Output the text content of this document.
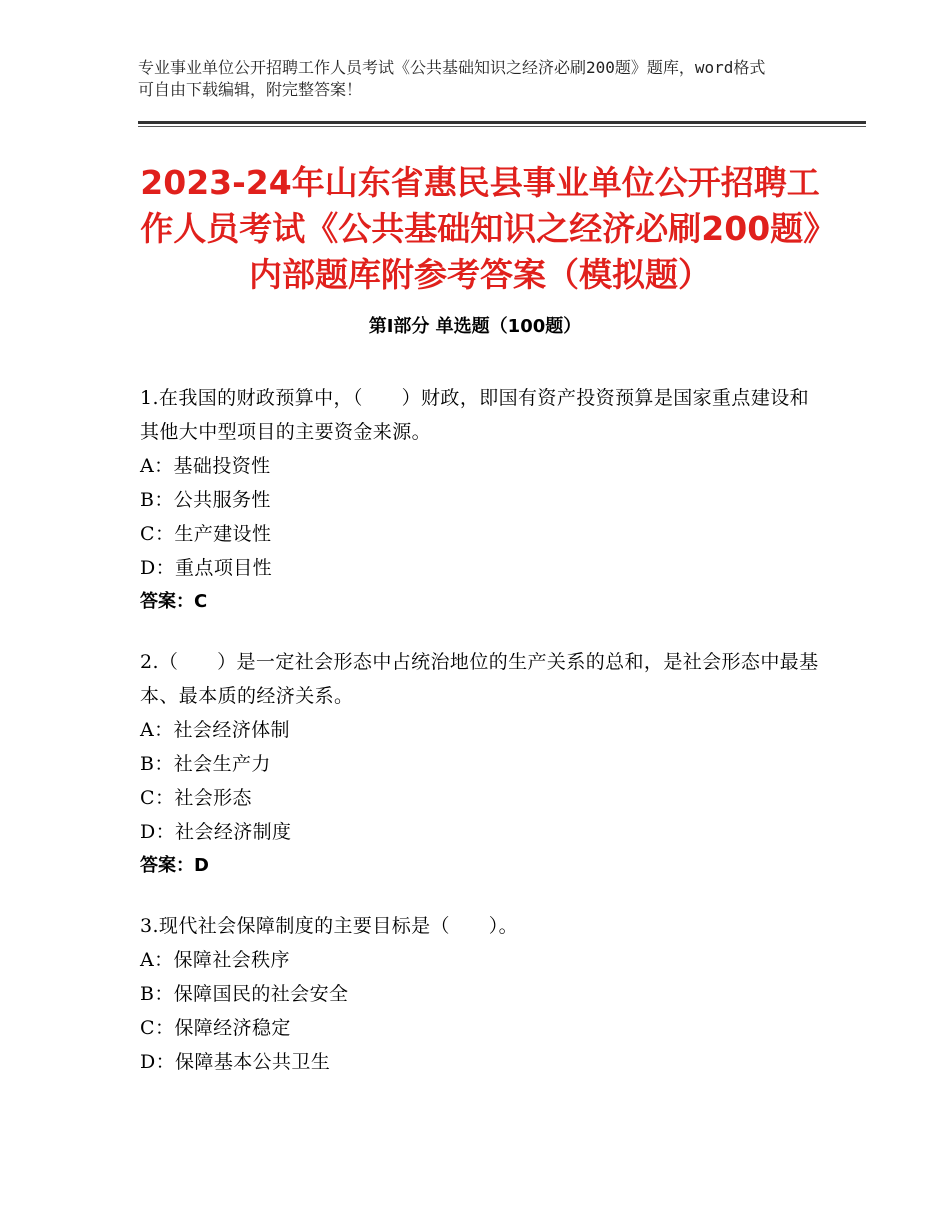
专业事业单位公开招聘工作人员考试《公共基础知识之经济必刷200题》题库，word格式可自由下载编辑，附完整答案！
2023-24年山东省惠民县事业单位公开招聘工作人员考试《公共基础知识之经济必刷200题》内部题库附参考答案（模拟题）
第Ⅰ部分 单选题（100题）
1.在我国的财政预算中，（　　）财政，即国有资产投资预算是国家重点建设和其他大中型项目的主要资金来源。
A：基础投资性
B：公共服务性
C：生产建设性
D：重点项目性
答案：C
2.（　　）是一定社会形态中占统治地位的生产关系的总和，是社会形态中最基本、最本质的经济关系。
A：社会经济体制
B：社会生产力
C：社会形态
D：社会经济制度
答案：D
3.现代社会保障制度的主要目标是（　　）。
A：保障社会秩序
B：保障国民的社会安全
C：保障经济稳定
D：保障基本公共卫生
